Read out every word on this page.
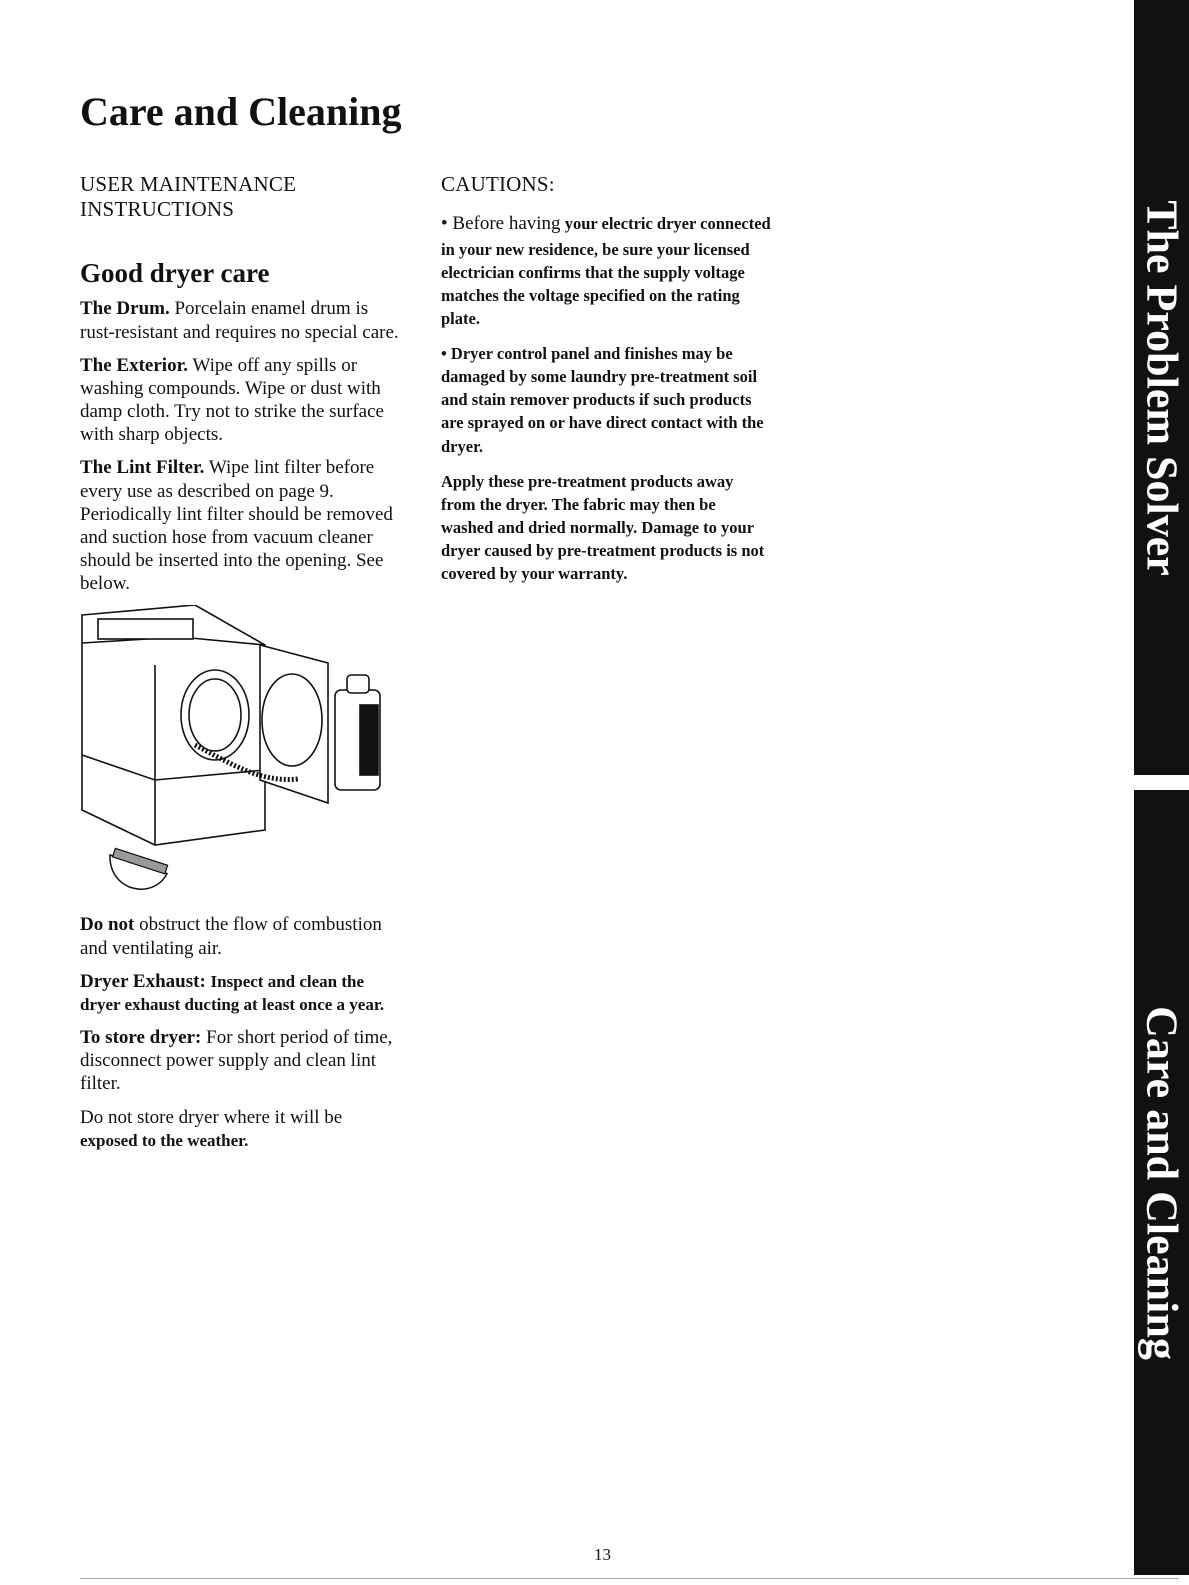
Care and Cleaning
USER MAINTENANCE INSTRUCTIONS
Good dryer care

The Drum. Porcelain enamel drum is rust-resistant and requires no special care.

The Exterior. Wipe off any spills or washing compounds. Wipe or dust with damp cloth. Try not to strike the surface with sharp objects.

The Lint Filter. Wipe lint filter before every use as described on page 9. Periodically lint filter should be removed and suction hose from vacuum cleaner should be inserted into the opening. See below.

Do not obstruct the flow of combustion and ventilating air.

Dryer Exhaust: Inspect and clean the dryer exhaust ducting at least once a year.

To store dryer: For short period of time, disconnect power supply and clean lint filter.

Do not store dryer where it will be exposed to the weather.

CAUTIONS:

• Before having your electric dryer connected in your new residence, be sure your licensed electrician confirms that the supply voltage matches the voltage specified on the rating plate.

• Dryer control panel and finishes may be damaged by some laundry pre-treatment soil and stain remover products if such products are sprayed on or have direct contact with the dryer.

Apply these pre-treatment products away from the dryer. The fabric may then be washed and dried normally. Damage to your dryer caused by pre-treatment products is not covered by your warranty.	The Problem Solver
Care and Cleaning
13
